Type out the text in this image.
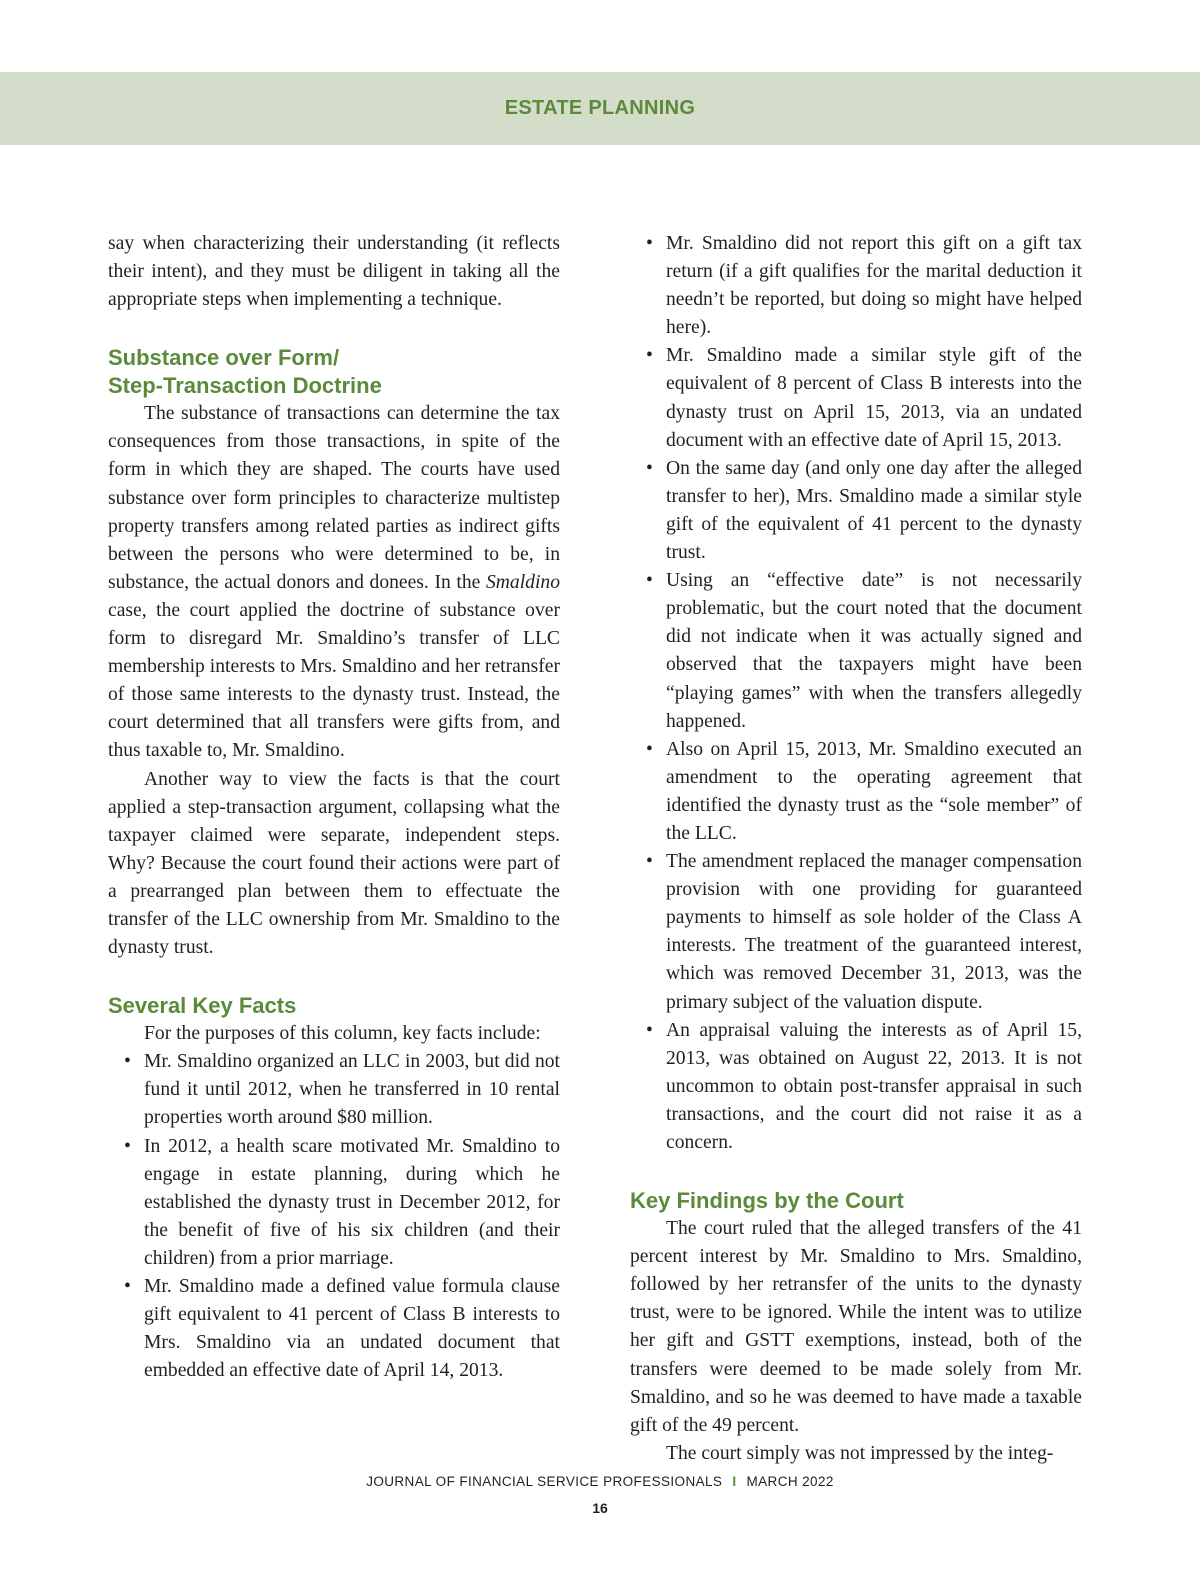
ESTATE PLANNING

say when characterizing their understanding (it reflects their intent), and they must be diligent in taking all the appropriate steps when implementing a technique.

Substance over Form/
Step-Transaction Doctrine

The substance of transactions can determine the tax consequences from those transactions, in spite of the form in which they are shaped. The courts have used substance over form principles to characterize multistep property transfers among related parties as indirect gifts between the persons who were determined to be, in substance, the actual donors and donees. In the Smaldino case, the court applied the doctrine of substance over form to disregard Mr. Smaldino’s transfer of LLC membership interests to Mrs. Smaldino and her retransfer of those same interests to the dynasty trust. Instead, the court determined that all transfers were gifts from, and thus taxable to, Mr. Smaldino.

Another way to view the facts is that the court applied a step-transaction argument, collapsing what the taxpayer claimed were separate, independent steps. Why? Because the court found their actions were part of a prearranged plan between them to effectuate the transfer of the LLC ownership from Mr. Smaldino to the dynasty trust.

Several Key Facts

For the purposes of this column, key facts include:

• Mr. Smaldino organized an LLC in 2003, but did not fund it until 2012, when he transferred in 10 rental properties worth around $80 million.
• In 2012, a health scare motivated Mr. Smaldino to engage in estate planning, during which he established the dynasty trust in December 2012, for the benefit of five of his six children (and their children) from a prior marriage.
• Mr. Smaldino made a defined value formula clause gift equivalent to 41 percent of Class B interests to Mrs. Smaldino via an undated document that embedded an effective date of April 14, 2013.
• Mr. Smaldino did not report this gift on a gift tax return (if a gift qualifies for the marital deduction it needn’t be reported, but doing so might have helped here).
• Mr. Smaldino made a similar style gift of the equivalent of 8 percent of Class B interests into the dynasty trust on April 15, 2013, via an undated document with an effective date of April 15, 2013.
• On the same day (and only one day after the alleged transfer to her), Mrs. Smaldino made a similar style gift of the equivalent of 41 percent to the dynasty trust.
• Using an “effective date” is not necessarily problematic, but the court noted that the document did not indicate when it was actually signed and observed that the taxpayers might have been “playing games” with when the transfers allegedly happened.
• Also on April 15, 2013, Mr. Smaldino executed an amendment to the operating agreement that identified the dynasty trust as the “sole member” of the LLC.
• The amendment replaced the manager compensation provision with one providing for guaranteed payments to himself as sole holder of the Class A interests. The treatment of the guaranteed interest, which was removed December 31, 2013, was the primary subject of the valuation dispute.
• An appraisal valuing the interests as of April 15, 2013, was obtained on August 22, 2013. It is not uncommon to obtain post-transfer appraisal in such transactions, and the court did not raise it as a concern.
Key Findings by the Court

The court ruled that the alleged transfers of the 41 percent interest by Mr. Smaldino to Mrs. Smaldino, followed by her retransfer of the units to the dynasty trust, were to be ignored. While the intent was to utilize her gift and GSTT exemptions, instead, both of the transfers were deemed to be made solely from Mr. Smaldino, and so he was deemed to have made a taxable gift of the 49 percent.

The court simply was not impressed by the integ-

JOURNAL OF FINANCIAL SERVICE PROFESSIONALS I MARCH 2022
16
